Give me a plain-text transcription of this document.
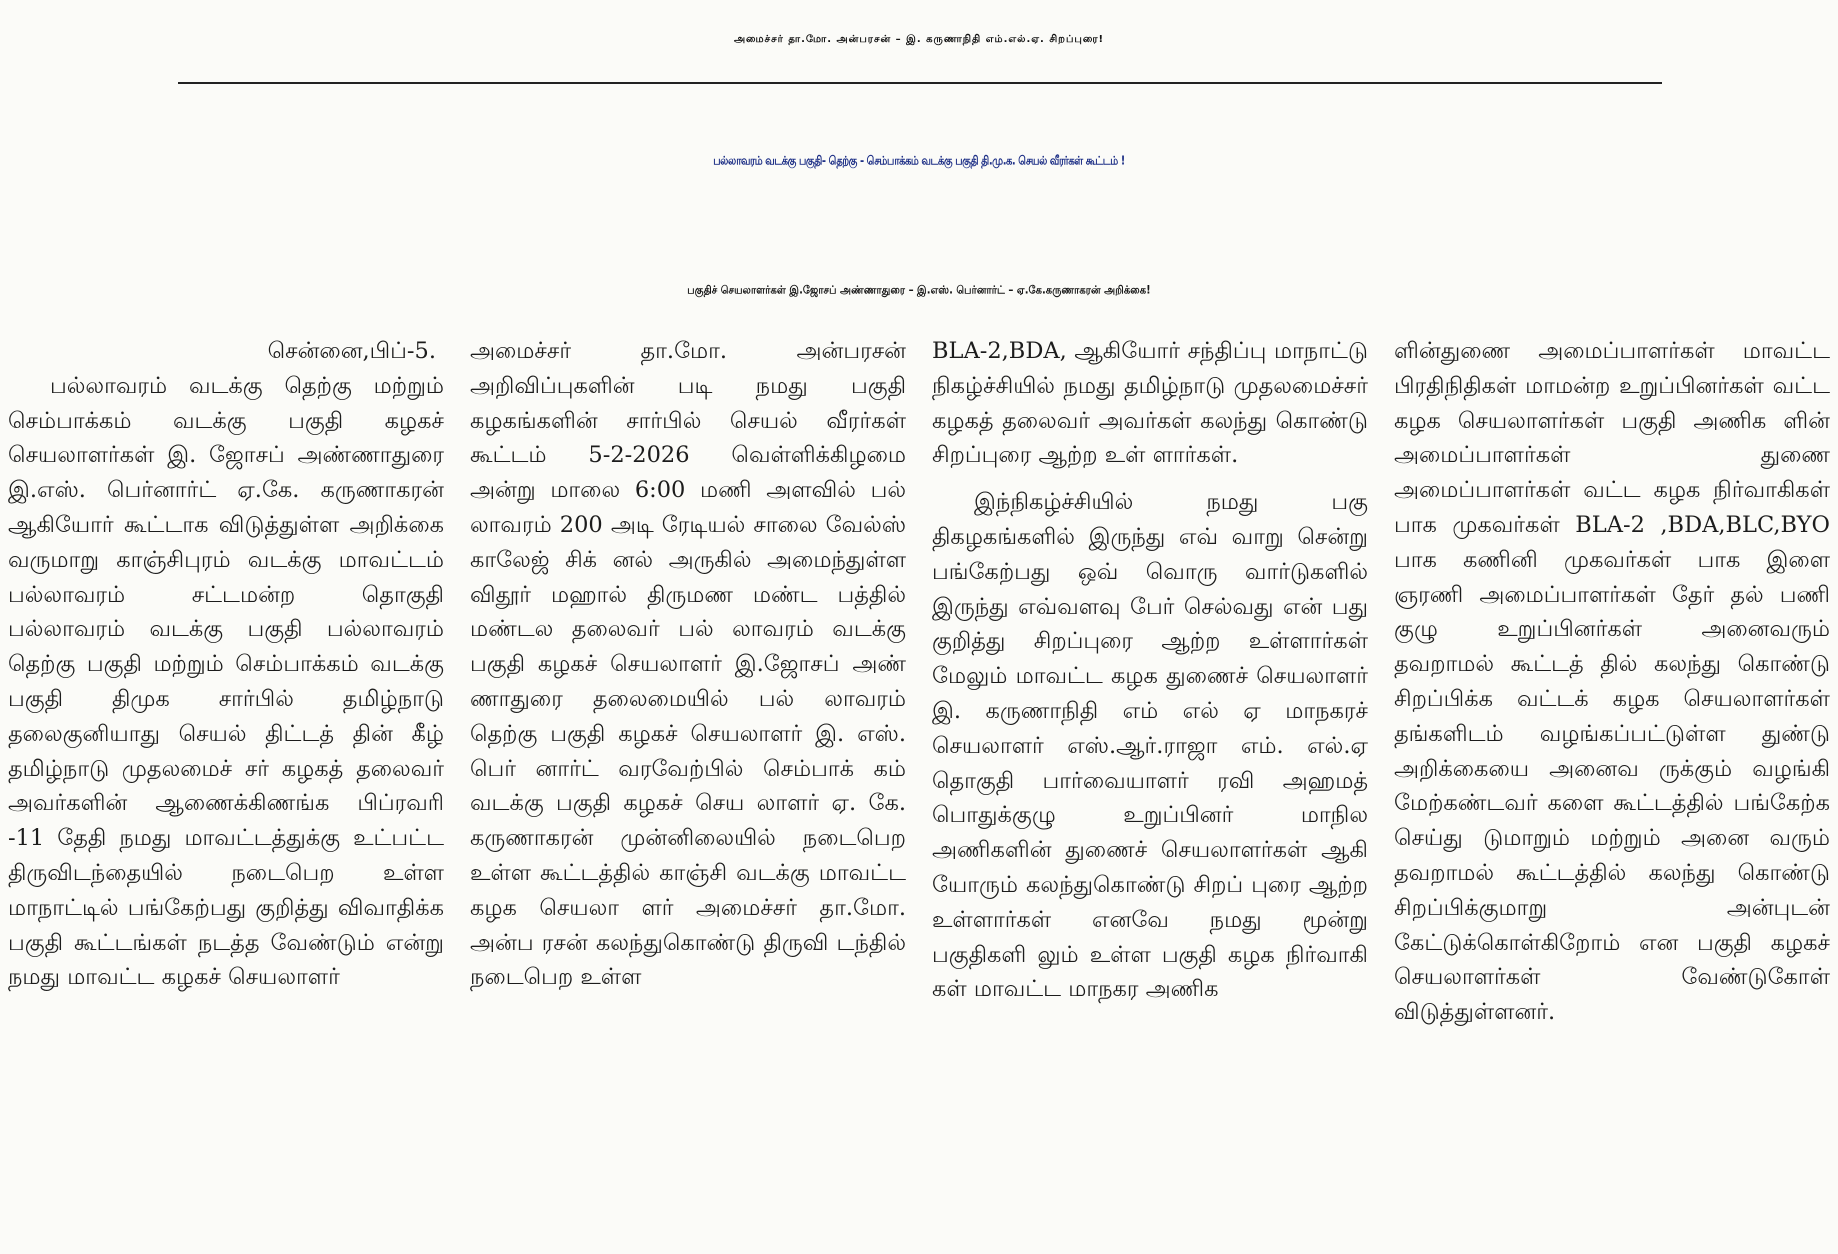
அமைச்சர் தா.மோ. அன்பரசன் – இ. கருணாநிதி எம்.எல்.ஏ. சிறப்புரை!
பல்லாவரம் வடக்கு பகுதி- தெற்கு - செம்பாக்கம் வடக்கு பகுதி தி.மு.க. செயல் வீரர்கள் கூட்டம் !
பகுதிச் செயலாளர்கள் இ.ஜோசப் அண்ணாதுரை – இ.எஸ். பெர்னார்ட் – ஏ.கே.கருணாகரன் அறிக்கை!

சென்னை,பிப்-5.

பல்லாவரம் வடக்கு தெற்கு மற்றும் செம்பாக்கம் வடக்கு பகுதி கழகச் செயலாளர்கள் இ. ஜோசப் அண்ணாதுரை இ.எஸ். பெர்னார்ட் ஏ.கே. கருணாகரன் ஆகியோர் கூட்டாக விடுத்துள்ள அறிக்கை வருமாறு காஞ்சிபுரம் வடக்கு மாவட்டம் பல்லாவரம் சட்டமன்ற தொகுதி பல்லாவரம் வடக்கு பகுதி பல்லாவரம் தெற்கு பகுதி மற்றும் செம்பாக்கம் வடக்கு பகுதி திமுக சார்பில் தமிழ்நாடு தலைகுனியாது செயல் திட்டத் தின் கீழ் தமிழ்நாடு முதலமைச் சர் கழகத் தலைவர் அவர்களின் ஆணைக்கிணங்க பிப்ரவரி -11 தேதி நமது மாவட்டத்துக்கு உட்பட்ட திருவிடந்தையில் நடைபெற உள்ள மாநாட்டில் பங்கேற்பது குறித்து விவாதிக்க பகுதி கூட்டங்கள் நடத்த வேண்டும் என்று நமது மாவட்ட கழகச் செயலாளர்

அமைச்சர் தா.மோ. அன்பரசன் அறிவிப்புகளின் படி நமது பகுதி கழகங்களின் சார்பில் செயல் வீரர்கள் கூட்டம் 5-2-2026 வெள்ளிக்கிழமை அன்று மாலை 6:00 மணி அளவில் பல் லாவரம் 200 அடி ரேடியல் சாலை வேல்ஸ் காலேஜ் சிக் னல் அருகில் அமைந்துள்ள விதூர் மஹால் திருமண மண்ட பத்தில் மண்டல தலைவர் பல் லாவரம் வடக்கு பகுதி கழகச் செயலாளர் இ.ஜோசப் அண் ணாதுரை தலைமையில் பல் லாவரம் தெற்கு பகுதி கழகச் செயலாளர் இ. எஸ். பெர் னார்ட் வரவேற்பில் செம்பாக் கம் வடக்கு பகுதி கழகச் செய லாளர் ஏ. கே. கருணாகரன் முன்னிலையில் நடைபெற உள்ள கூட்டத்தில் காஞ்சி வடக்கு மாவட்ட கழக செயலா ளர் அமைச்சர் தா.மோ. அன்ப ரசன் கலந்துகொண்டு திருவி டந்தில் நடைபெற உள்ள

BLA-2,BDA, ஆகியோர் சந்திப்பு மாநாட்டு நிகழ்ச்சியில் நமது தமிழ்நாடு முதலமைச்சர் கழகத் தலைவர் அவர்கள் கலந்து கொண்டு சிறப்புரை ஆற்ற உள் ளார்கள்.

இந்நிகழ்ச்சியில் நமது பகு திகழகங்களில் இருந்து எவ் வாறு சென்று பங்கேற்பது ஒவ் வொரு வார்டுகளில் இருந்து எவ்வளவு பேர் செல்வது என் பது குறித்து சிறப்புரை ஆற்ற உள்ளார்கள் மேலும் மாவட்ட கழக துணைச் செயலாளர் இ. கருணாநிதி எம் எல் ஏ மாநகரச் செயலாளர் எஸ்.ஆர்.ராஜா எம். எல்.ஏ தொகுதி பார்வையாளர் ரவி அஹமத் பொதுக்குழு உறுப்பினர் மாநில அணிகளின் துணைச் செயலாளர்கள் ஆகி யோரும் கலந்துகொண்டு சிறப் புரை ஆற்ற உள்ளார்கள் எனவே நமது மூன்று பகுதிகளி லும் உள்ள பகுதி கழக நிர்வாகி கள் மாவட்ட மாநகர அணிக

ளின்துணை அமைப்பாளர்கள் மாவட்ட பிரதிநிதிகள் மாமன்ற உறுப்பினர்கள் வட்ட கழக செயலாளர்கள் பகுதி அணிக ளின் அமைப்பாளர்கள் துணை அமைப்பாளர்கள் வட்ட கழக நிர்வாகிகள் பாக முகவர்கள் BLA-2 ,BDA,BLC,BYO பாக கணினி முகவர்கள் பாக இளை ஞரணி அமைப்பாளர்கள் தேர் தல் பணி குழு உறுப்பினர்கள் அனைவரும் தவறாமல் கூட்டத் தில் கலந்து கொண்டு சிறப்பிக்க வட்டக் கழக செயலாளர்கள் தங்களிடம் வழங்கப்பட்டுள்ள துண்டு அறிக்கையை அனைவ ருக்கும் வழங்கி மேற்கண்டவர் களை கூட்டத்தில் பங்கேற்க செய்து டுமாறும் மற்றும் அனை வரும் தவறாமல் கூட்டத்தில் கலந்து கொண்டு சிறப்பிக்குமாறு அன்புடன் கேட்டுக்கொள்கிறோம் என பகுதி கழகச் செயலாளர்கள் வேண்டுகோள் விடுத்துள்ளனர்.
